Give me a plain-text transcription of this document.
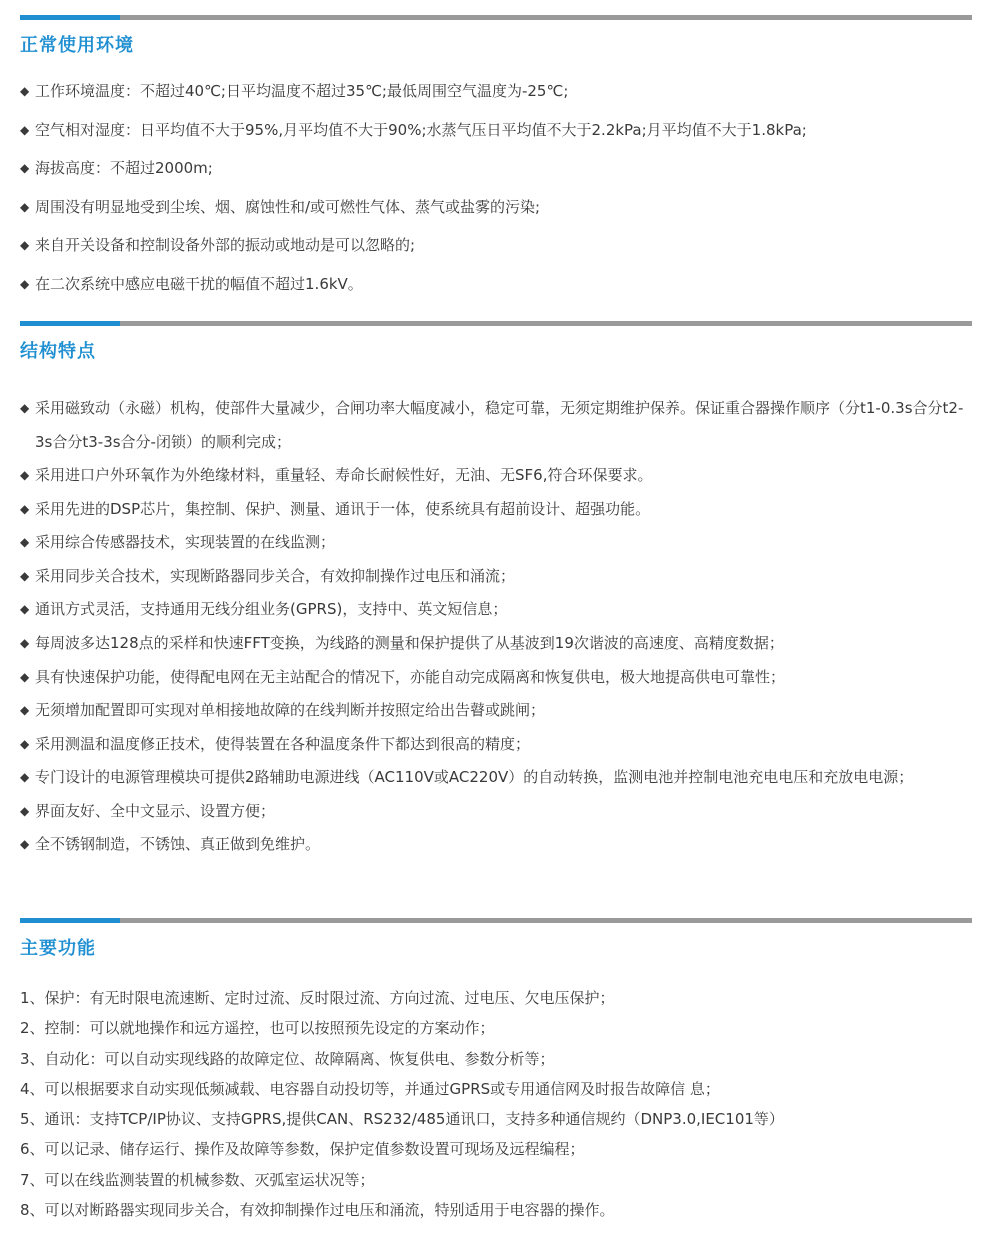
正常使用环境
◆ 工作环境温度：不超过40℃;日平均温度不超过35℃;最低周围空气温度为-25℃;
◆ 空气相对湿度：日平均值不大于95%,月平均值不大于90%;水蒸气压日平均值不大于2.2kPa;月平均值不大于1.8kPa;
◆ 海拔高度：不超过2000m;
◆ 周围没有明显地受到尘埃、烟、腐蚀性和/或可燃性气体、蒸气或盐雾的污染;
◆ 来自开关设备和控制设备外部的振动或地动是可以忽略的;
◆ 在二次系统中感应电磁干扰的幅值不超过1.6kV。
结构特点
◆ 采用磁致动（永磁）机构，使部件大量减少，合闸功率大幅度减小，稳定可靠，无须定期维护保养。保证重合器操作顺序（分t1-0.3s合分t2-3s合分t3-3s合分-闭锁）的顺利完成；
◆ 采用进口户外环氧作为外绝缘材料，重量轻、寿命长耐候性好，无油、无SF6,符合环保要求。
◆ 采用先进的DSP芯片，集控制、保护、测量、通讯于一体，使系统具有超前设计、超强功能。
◆ 采用综合传感器技术，实现装置的在线监测；
◆ 采用同步关合技术，实现断路器同步关合，有效抑制操作过电压和涌流；
◆ 通讯方式灵活，支持通用无线分组业务(GPRS)，支持中、英文短信息；
◆ 每周波多达128点的采样和快速FFT变换，为线路的测量和保护提供了从基波到19次谐波的高速度、高精度数据；
◆ 具有快速保护功能，使得配电网在无主站配合的情况下，亦能自动完成隔离和恢复供电，极大地提高供电可靠性；
◆ 无须增加配置即可实现对单相接地故障的在线判断并按照定给出告瞽或跳闸；
◆ 采用测温和温度修正技术，使得装置在各种温度条件下都达到很高的精度；
◆ 专门设计的电源管理模块可提供2路辅助电源进线（AC110V或AC220V）的自动转换，监测电池并控制电池充电电压和充放电电源；
◆ 界面友好、全中文显示、设置方便；
◆ 全不锈钢制造，不锈蚀、真正做到免维护。
主要功能
1、保护：有无时限电流速断、定时过流、反时限过流、方向过流、过电压、欠电压保护；
2、控制：可以就地操作和远方遥控，也可以按照预先设定的方案动作；
3、自动化：可以自动实现线路的故障定位、故障隔离、恢复供电、参数分析等；
4、可以根据要求自动实现低频减载、电容器自动投切等，并通过GPRS或专用通信网及时报告故障信 息；
5、通讯：支持TCP/IP协议、支持GPRS,提供CAN、RS232/485通讯口，支持多种通信规约（DNP3.0,IEC101等）
6、可以记录、储存运行、操作及故障等参数，保护定值参数设置可现场及远程编程；
7、可以在线监测装置的机械参数、灭弧室运状况等；
8、可以对断路器实现同步关合，有效抑制操作过电压和涌流，特别适用于电容器的操作。
